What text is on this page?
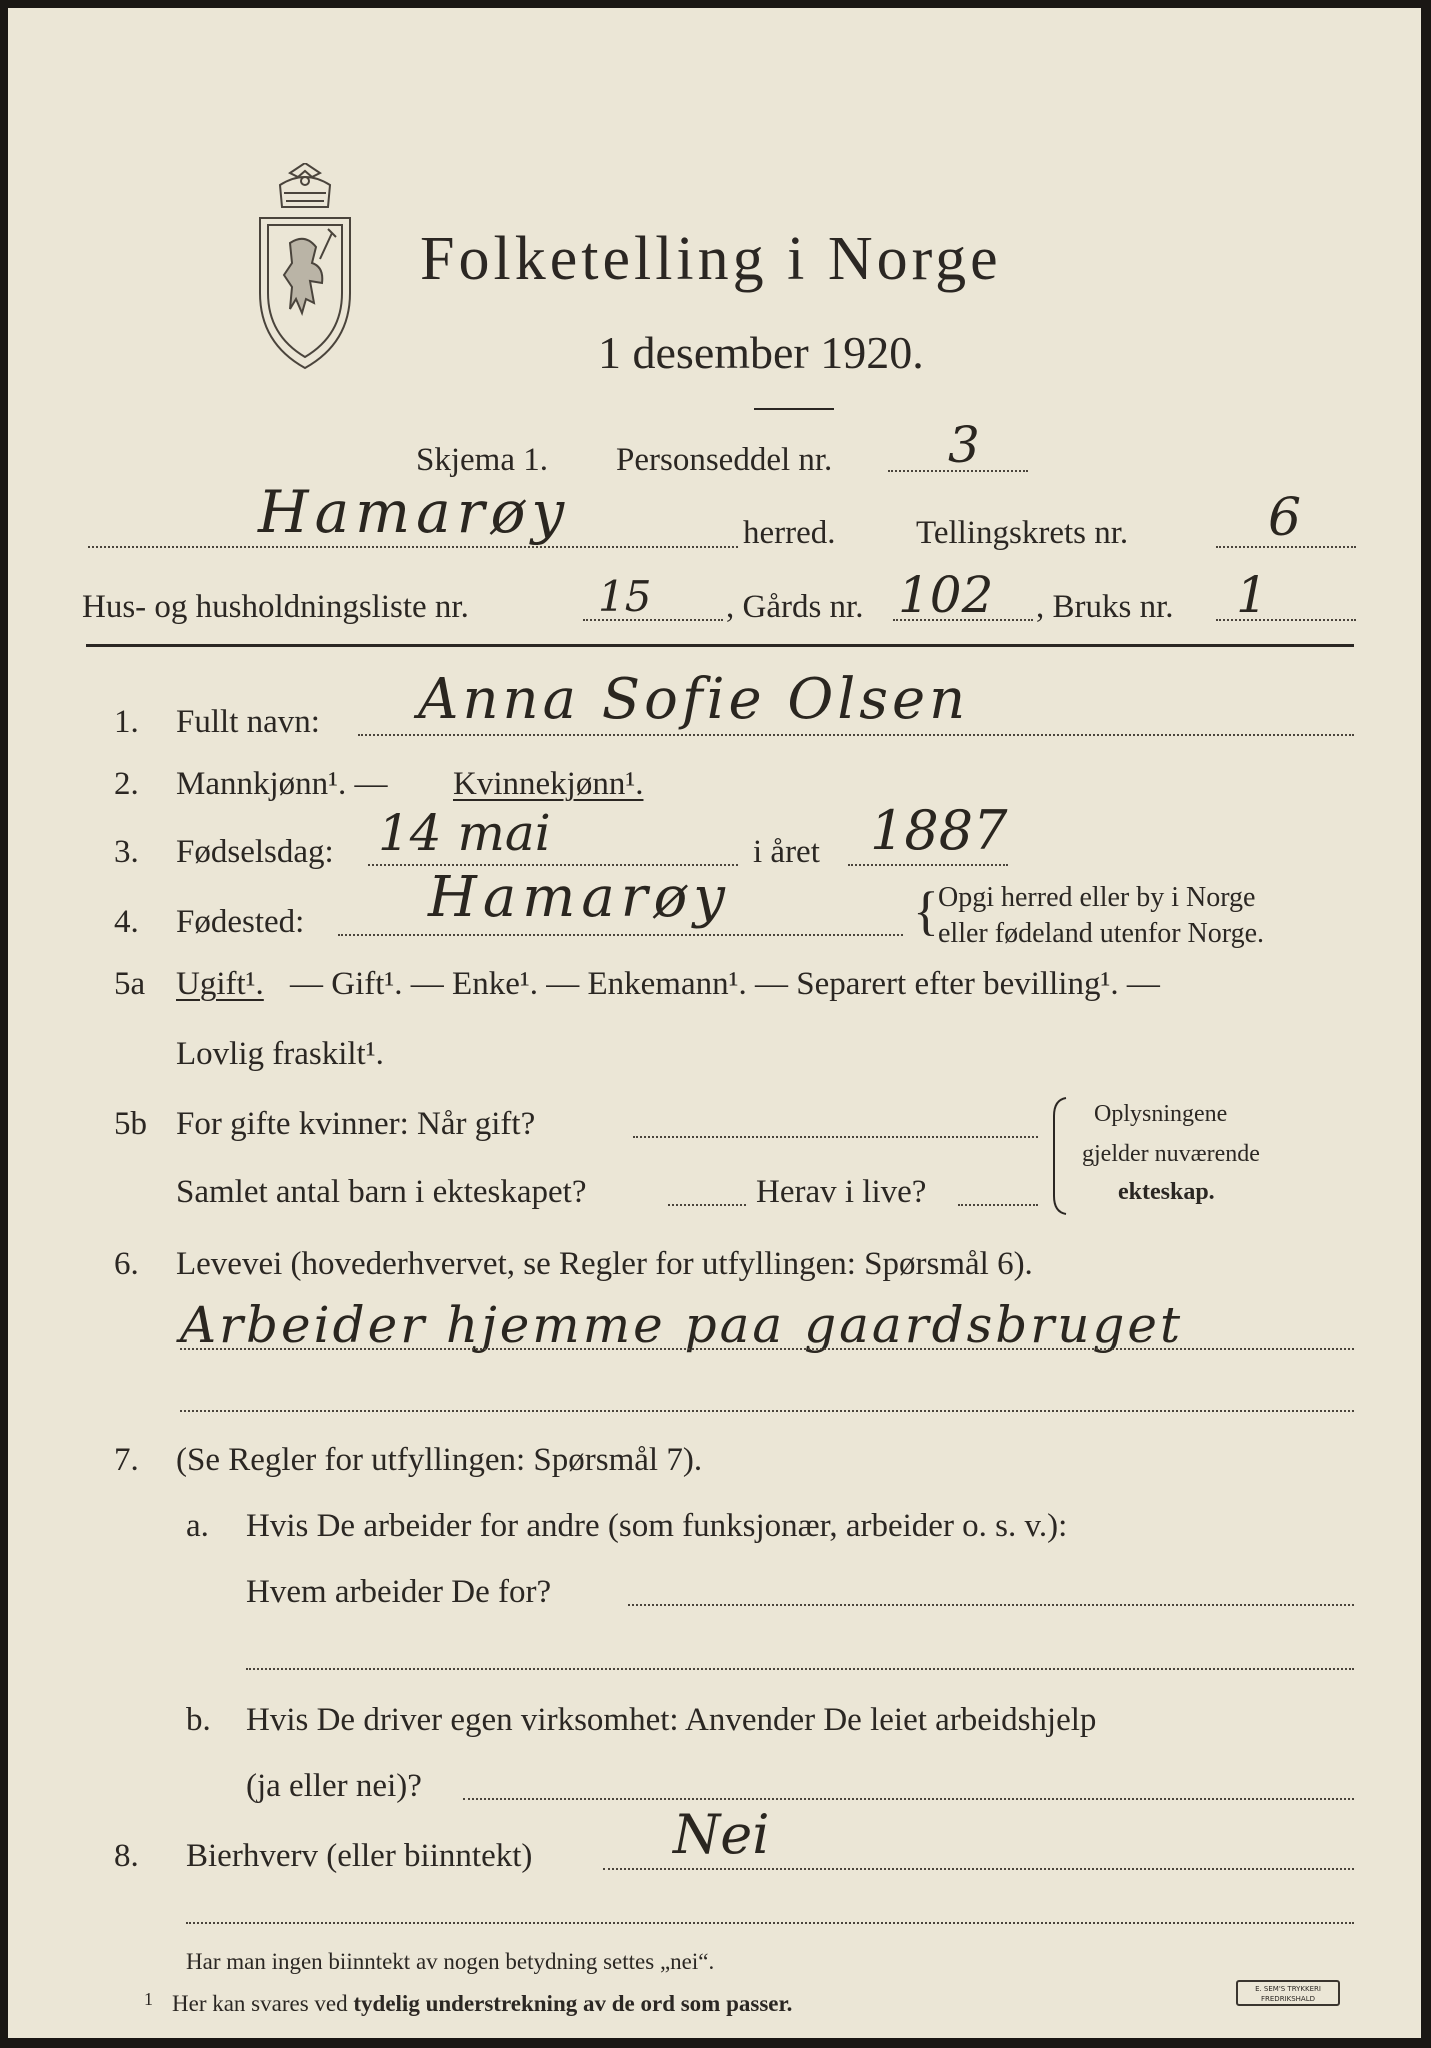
Folketelling i Norge
1 desember 1920.
Skjema 1. Personseddel nr. 3
Hamarøy	herred. Tellingskrets nr.	6
Hus- og husholdningsliste nr.	15 , Gårds nr. 102 , Bruks nr. 1
1. Fullt navn: Anna Sofie Olsen
2. Mannkjønn¹. — Kvinnekjønn¹.
3. Fødselsdag: 14 mai	i året 1887
4. Fødested: Hamarøy	{ Opgi herred eller by i Norge
eller fødeland utenfor Norge.
5a Ugift¹. — Gift¹. — Enke¹. — Enkemann¹. — Separert efter bevilling¹. —
Lovlig fraskilt¹.
5b For gifte kvinner: Når gift?
Samlet antal barn i ekteskapet?	Herav i live?
Oplysningene
gjelder nuværende
ekteskap.
6. Levevei (hovederhvervet, se Regler for utfyllingen: Spørsmål 6).
Arbeider hjemme paa gaardsbruget
7. (Se Regler for utfyllingen: Spørsmål 7).
a. Hvis De arbeider for andre (som funksjonær, arbeider o. s. v.):
Hvem arbeider De for?
b. Hvis De driver egen virksomhet: Anvender De leiet arbeidshjelp
(ja eller nei)?
8. Bierhverv (eller biinntekt)	Nei
Har man ingen biinntekt av nogen betydning settes „nei“.
1 Her kan svares ved tydelig understrekning av de ord som passer.
E. SEM'S TRYKKERI
FREDRIKSHALD
